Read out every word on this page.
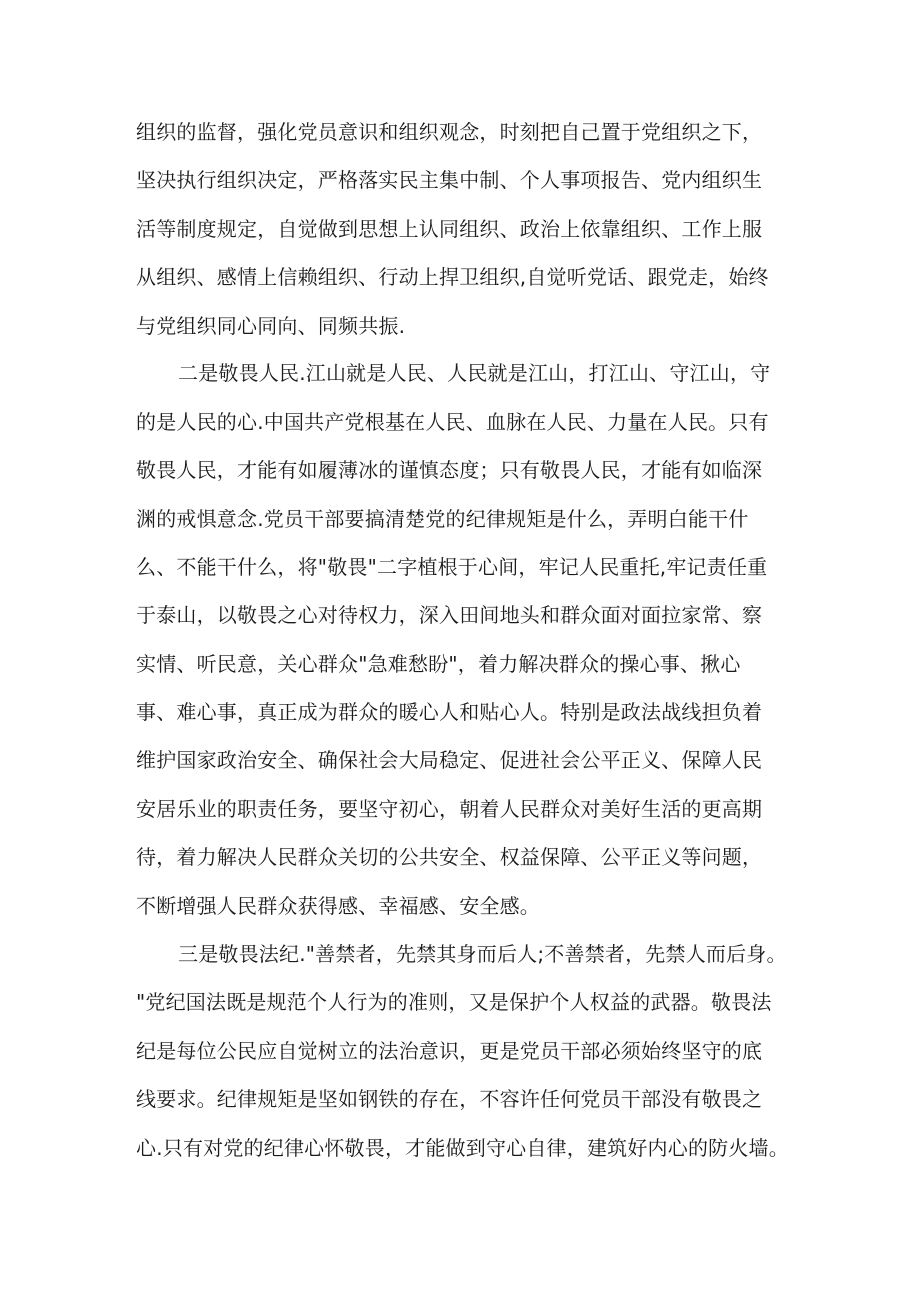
组织的监督，强化党员意识和组织观念，时刻把自己置于党组织之下，
坚决执行组织决定，严格落实民主集中制、个人事项报告、党内组织生
活等制度规定，自觉做到思想上认同组织、政治上依靠组织、工作上服
从组织、感情上信赖组织、行动上捍卫组织,自觉听党话、跟党走，始终
与党组织同心同向、同频共振.
二是敬畏人民.江山就是人民、人民就是江山，打江山、守江山，守
的是人民的心.中国共产党根基在人民、血脉在人民、力量在人民。只有
敬畏人民，才能有如履薄冰的谨慎态度；只有敬畏人民，才能有如临深
渊的戒惧意念.党员干部要搞清楚党的纪律规矩是什么，弄明白能干什
么、不能干什么，将"敬畏"二字植根于心间，牢记人民重托,牢记责任重
于泰山，以敬畏之心对待权力，深入田间地头和群众面对面拉家常、察
实情、听民意，关心群众"急难愁盼"，着力解决群众的操心事、揪心
事、难心事，真正成为群众的暖心人和贴心人。特别是政法战线担负着
维护国家政治安全、确保社会大局稳定、促进社会公平正义、保障人民
安居乐业的职责任务，要坚守初心，朝着人民群众对美好生活的更高期
待，着力解决人民群众关切的公共安全、权益保障、公平正义等问题，
不断增强人民群众获得感、幸福感、安全感。
三是敬畏法纪."善禁者，先禁其身而后人;不善禁者，先禁人而后身。
"党纪国法既是规范个人行为的准则，又是保护个人权益的武器。敬畏法
纪是每位公民应自觉树立的法治意识，更是党员干部必须始终坚守的底
线要求。纪律规矩是坚如钢铁的存在，不容许任何党员干部没有敬畏之
心.只有对党的纪律心怀敬畏，才能做到守心自律，建筑好内心的防火墙。
